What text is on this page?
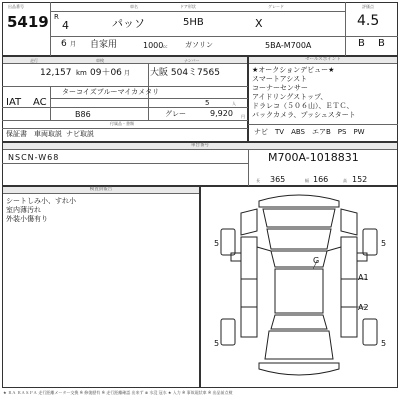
出品番号
5419 R
4
6 月
車名
パッソ
ドア形状
5HB
グレード
X
評価点
4.5
自家用	1000 cc	ガソリン	5BA-M700A	B B
走行	車検	ナンバー
12,157 km 09＋06 月 大阪 504ミ7565
IAT AC
ターコイズブルーマイカメタリ
5	人
B86	グレー	9,920 円
付属品・書類
保証書 車両取説 ナビ取説
セールスポイント
★オークションデビュー★
スマートアシスト
コーナーセンサー
アイドリングストップ、
ドラレコ（５０６山）、ＥＴＣ、
バックカメラ、プッシュスタート
ナビ　TV　ABS　エアB　PS　PW
車台番号
NSCN-W68	M700A-1018831
長 365	幅 166	高 152
検査員報告
シートしみ小、すれ小
室内薄汚れ
外装小傷有り
G
A1
A2
5	5
5	5
★ ＲＡ ＲＡＳＰＡ 走行距離メーター交換 ※ 修復歴有 ※ 走行距離確認 出来ず ⊗ 水没 冠水 ★ 入力 ※ 事故現状車 ※ 出品前点検
